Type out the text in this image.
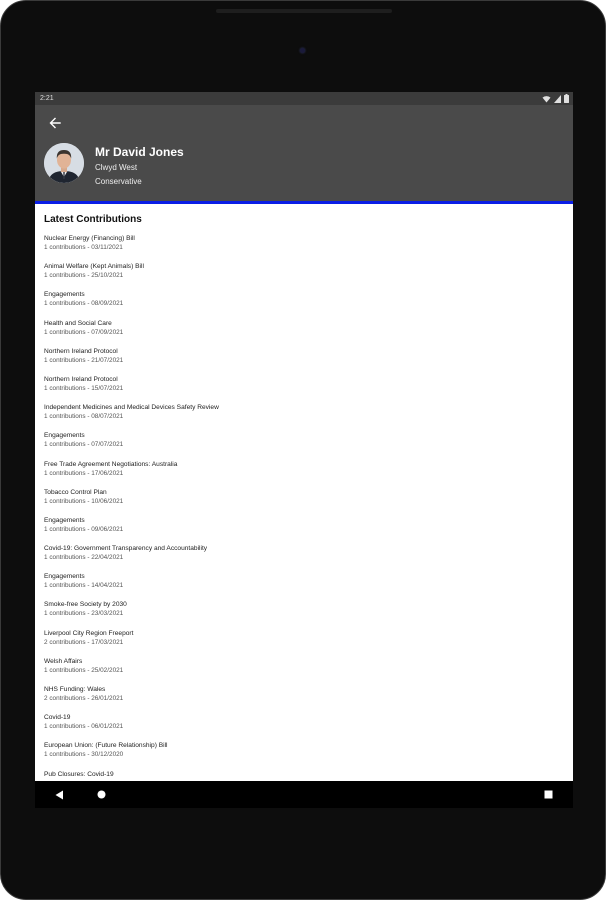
2:21
Mr David Jones
Clwyd West
Conservative
Latest Contributions
Nuclear Energy (Financing) Bill
1 contributions - 03/11/2021
Animal Welfare (Kept Animals) Bill
1 contributions - 25/10/2021
Engagements
1 contributions - 08/09/2021
Health and Social Care
1 contributions - 07/09/2021
Northern Ireland Protocol
1 contributions - 21/07/2021
Northern Ireland Protocol
1 contributions - 15/07/2021
Independent Medicines and Medical Devices Safety Review
1 contributions - 08/07/2021
Engagements
1 contributions - 07/07/2021
Free Trade Agreement Negotiations: Australia
1 contributions - 17/06/2021
Tobacco Control Plan
1 contributions - 10/06/2021
Engagements
1 contributions - 09/06/2021
Covid-19: Government Transparency and Accountability
1 contributions - 22/04/2021
Engagements
1 contributions - 14/04/2021
Smoke-free Society by 2030
1 contributions - 23/03/2021
Liverpool City Region Freeport
2 contributions - 17/03/2021
Welsh Affairs
1 contributions - 25/02/2021
NHS Funding: Wales
2 contributions - 26/01/2021
Covid-19
1 contributions - 06/01/2021
European Union: (Future Relationship) Bill
1 contributions - 30/12/2020
Pub Closures: Covid-19
